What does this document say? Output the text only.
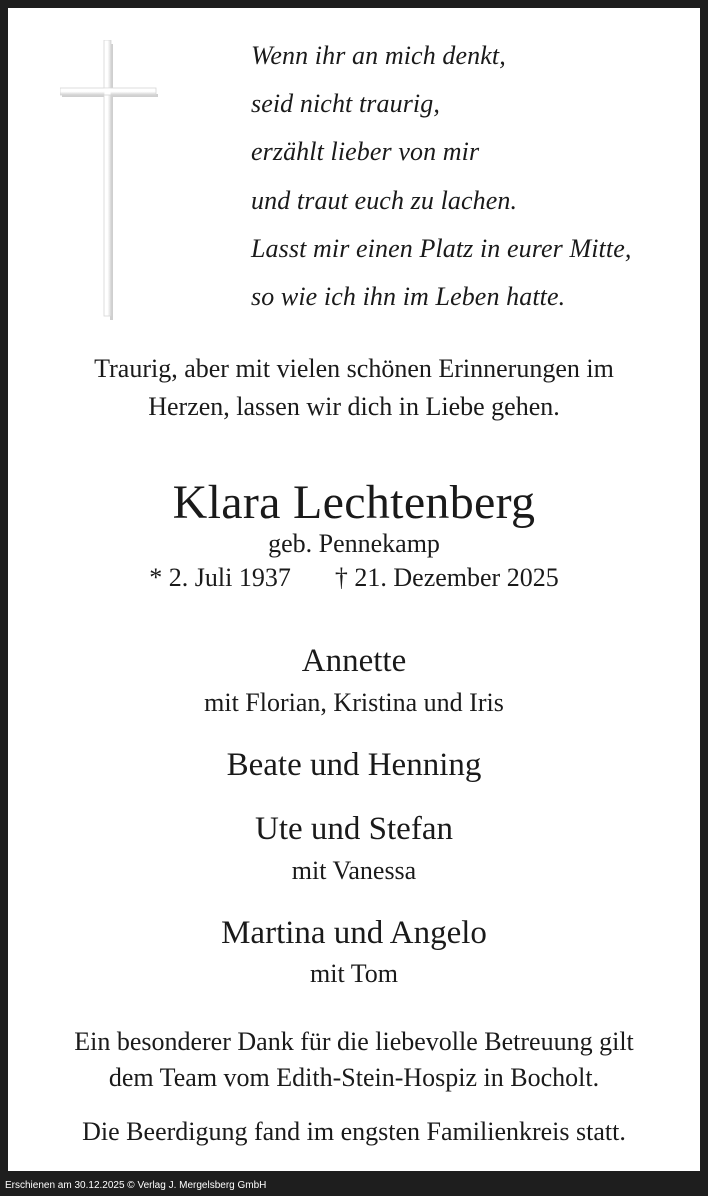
Wenn ihr an mich denkt,
seid nicht traurig,
erzählt lieber von mir
und traut euch zu lachen.
Lasst mir einen Platz in eurer Mitte,
so wie ich ihn im Leben hatte.
Traurig, aber mit vielen schönen Erinnerungen im
Herzen, lassen wir dich in Liebe gehen.
Klara Lechtenberg
geb. Pennekamp
* 2. Juli 1937 † 21. Dezember 2025
Annette
mit Florian, Kristina und Iris
Beate und Henning
Ute und Stefan
mit Vanessa
Martina und Angelo
mit Tom
Ein besonderer Dank für die liebevolle Betreuung gilt
dem Team vom Edith-Stein-Hospiz in Bocholt.
Die Beerdigung fand im engsten Familienkreis statt.
Erschienen am 30.12.2025 © Verlag J. Mergelsberg GmbH
